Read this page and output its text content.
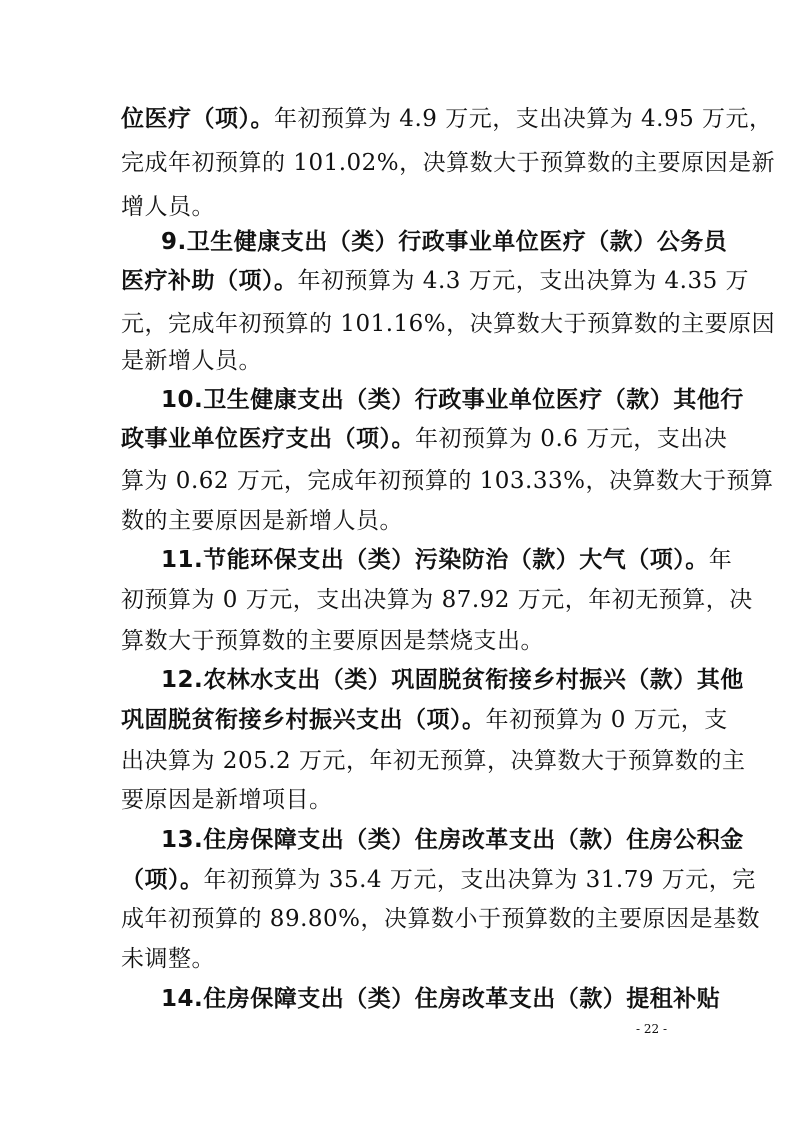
位医疗（项）。年初预算为 4.9 万元，支出决算为 4.95 万元，
完成年初预算的 101.02%，决算数大于预算数的主要原因是新
增人员。
9.卫生健康支出（类）行政事业单位医疗（款）公务员
医疗补助（项）。年初预算为 4.3 万元，支出决算为 4.35 万
元，完成年初预算的 101.16%，决算数大于预算数的主要原因
是新增人员。
10.卫生健康支出（类）行政事业单位医疗（款）其他行
政事业单位医疗支出（项）。年初预算为 0.6 万元，支出决
算为 0.62 万元，完成年初预算的 103.33%，决算数大于预算
数的主要原因是新增人员。
11.节能环保支出（类）污染防治（款）大气（项）。年
初预算为 0 万元，支出决算为 87.92 万元，年初无预算，决
算数大于预算数的主要原因是禁烧支出。
12.农林水支出（类）巩固脱贫衔接乡村振兴（款）其他
巩固脱贫衔接乡村振兴支出（项）。年初预算为 0 万元，支
出决算为 205.2 万元，年初无预算，决算数大于预算数的主
要原因是新增项目。
13.住房保障支出（类）住房改革支出（款）住房公积金
（项）。年初预算为 35.4 万元，支出决算为 31.79 万元，完
成年初预算的 89.80%，决算数小于预算数的主要原因是基数
未调整。
14.住房保障支出（类）住房改革支出（款）提租补贴
- 22 -
